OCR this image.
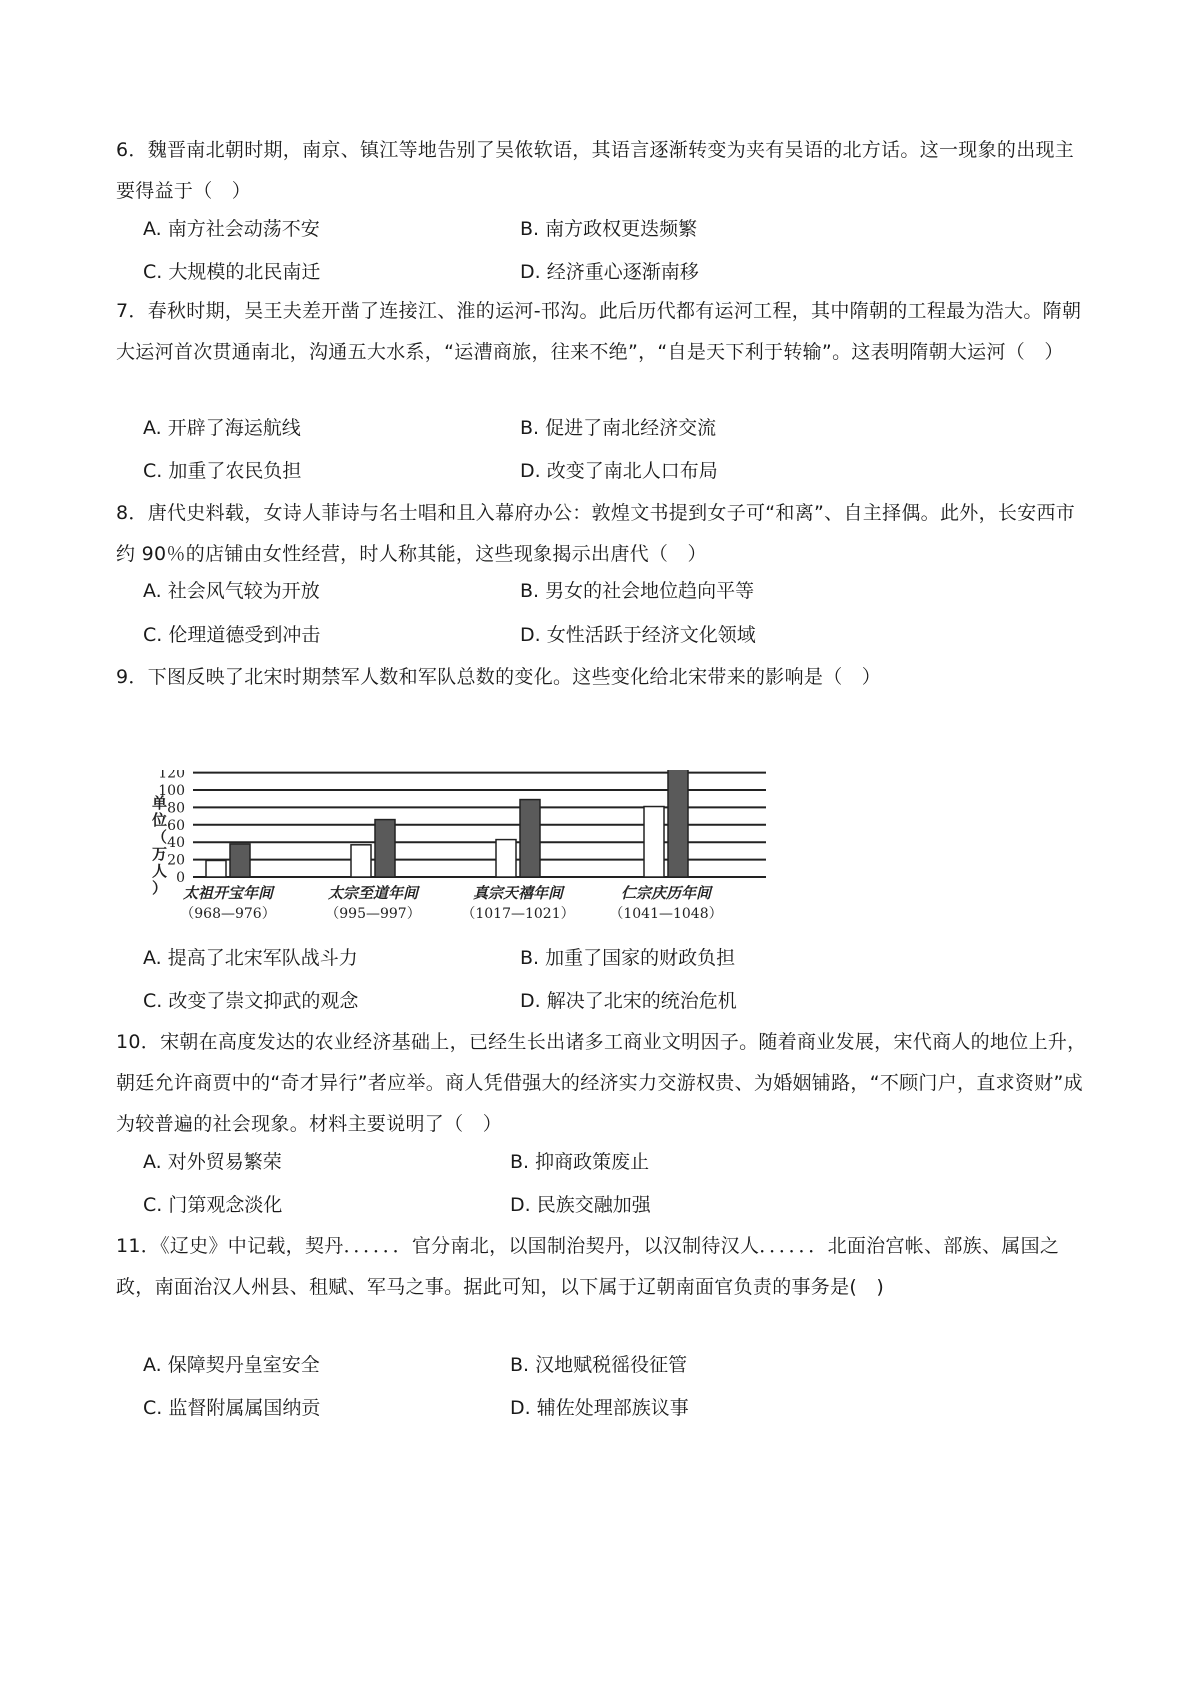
6．魏晋南北朝时期，南京、镇江等地告别了吴侬软语，其语言逐渐转变为夹有吴语的北方话。这一现象的出现主要得益于（　）

A. 南方社会动荡不安	B. 南方政权更迭频繁
C. 大规模的北民南迁	D. 经济重心逐渐南移

7．春秋时期，吴王夫差开凿了连接江、淮的运河-邗沟。此后历代都有运河工程，其中隋朝的工程最为浩大。隋朝大运河首次贯通南北，沟通五大水系，“运漕商旅，往来不绝”，“自是天下利于转输”。这表明隋朝大运河（　）

A. 开辟了海运航线	B. 促进了南北经济交流
C. 加重了农民负担	D. 改变了南北人口布局

8．唐代史料载，女诗人菲诗与名士唱和且入幕府办公：敦煌文书提到女子可“和离”、自主择偶。此外，长安西市约 90％的店铺由女性经营，时人称其能，这些现象揭示出唐代（　）

A. 社会风气较为开放	B. 男女的社会地位趋向平等
C. 伦理道德受到冲击	D. 女性活跃于经济文化领域

9．下图反映了北宋时期禁军人数和军队总数的变化。这些变化给北宋带来的影响是（　）

0
20
40
60
80
100
120
单
位
（
万
人
） 太祖开宝年间
（968—976）
太宗至道年间
（995—997）
真宗天禧年间
（1017—1021）
仁宗庆历年间
（1041—1048）
A. 提高了北宋军队战斗力	B. 加重了国家的财政负担
C. 改变了崇文抑武的观念	D. 解决了北宋的统治危机

10．宋朝在高度发达的农业经济基础上，已经生长出诸多工商业文明因子。随着商业发展，宋代商人的地位上升，朝廷允许商贾中的“奇才异行”者应举。商人凭借强大的经济实力交游权贵、为婚姻铺路，“不顾门户，直求资财”成为较普遍的社会现象。材料主要说明了（　）

A. 对外贸易繁荣	B. 抑商政策废止
C. 门第观念淡化	D. 民族交融加强

11．《辽史》中记载，契丹．．．．．．官分南北，以国制治契丹，以汉制待汉人．．．．．．北面治宫帐、部族、属国之政，南面治汉人州县、租赋、军马之事。据此可知，以下属于辽朝南面官负责的事务是(　)

A. 保障契丹皇室安全	B. 汉地赋税徭役征管
C. 监督附属属国纳贡	D. 辅佐处理部族议事
